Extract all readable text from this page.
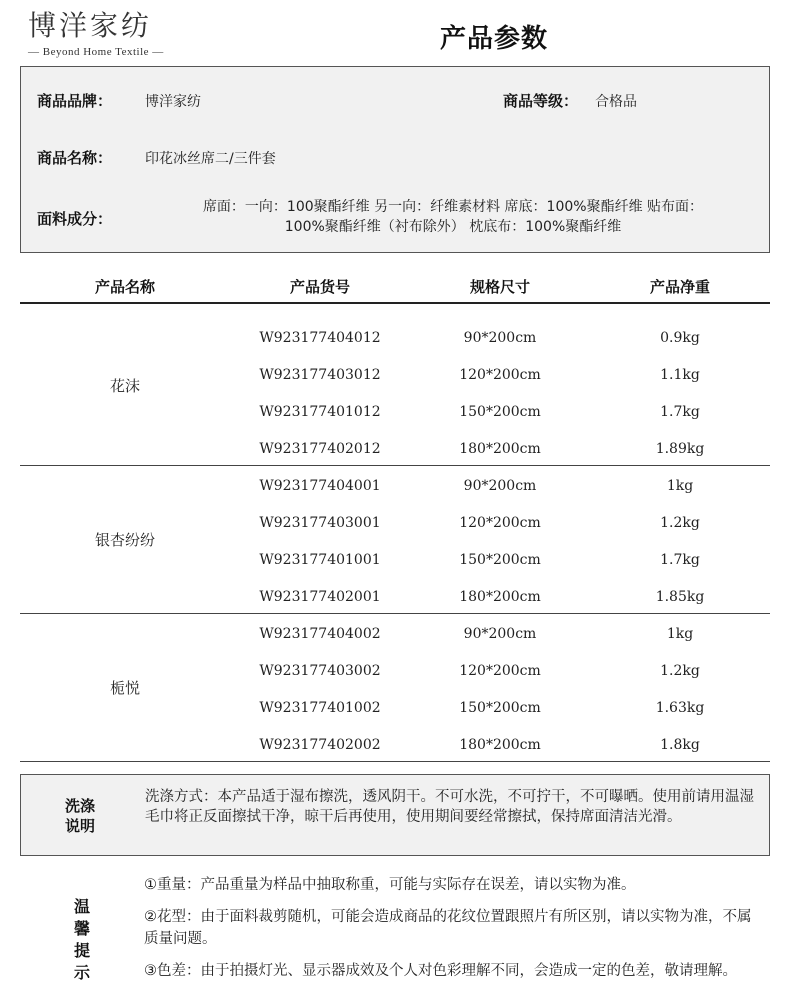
博洋家纺
— Beyond Home Textile —	产品参数
商品品牌： 博洋家纺	商品等级： 合格品
商品名称： 印花冰丝席二/三件套
面料成分：
席面：一向：100聚酯纤维 另一向：纤维素材料 席底：100%聚酯纤维 贴布面：
100%聚酯纤维（衬布除外） 枕底布：100%聚酯纤维
产品名称	产品货号	规格尺寸	产品净重
花沫
W923177404012	90*200cm	0.9kg
W923177403012	120*200cm	1.1kg
W923177401012	150*200cm	1.7kg
W923177402012	180*200cm	1.89kg
银杏纷纷
W923177404001	90*200cm	1kg
W923177403001	120*200cm	1.2kg
W923177401001	150*200cm	1.7kg
W923177402001	180*200cm	1.85kg
栀悦
W923177404002	90*200cm	1kg
W923177403002	120*200cm	1.2kg
W923177401002	150*200cm	1.63kg
W923177402002	180*200cm	1.8kg
洗涤
说明
洗涤方式：本产品适于湿布擦洗，透风阴干。不可水洗，不可拧干，不可曝晒。使用前请用温湿毛巾将正反面擦拭干净，晾干后再使用，使用期间要经常擦拭，保持席面清洁光滑。
温
馨
提
示
①重量：产品重量为样品中抽取称重，可能与实际存在误差，请以实物为准。
②花型：由于面料裁剪随机，可能会造成商品的花纹位置跟照片有所区别，请以实物为准，不属质量问题。
③色差：由于拍摄灯光、显示器成效及个人对色彩理解不同，会造成一定的色差，敬请理解。
